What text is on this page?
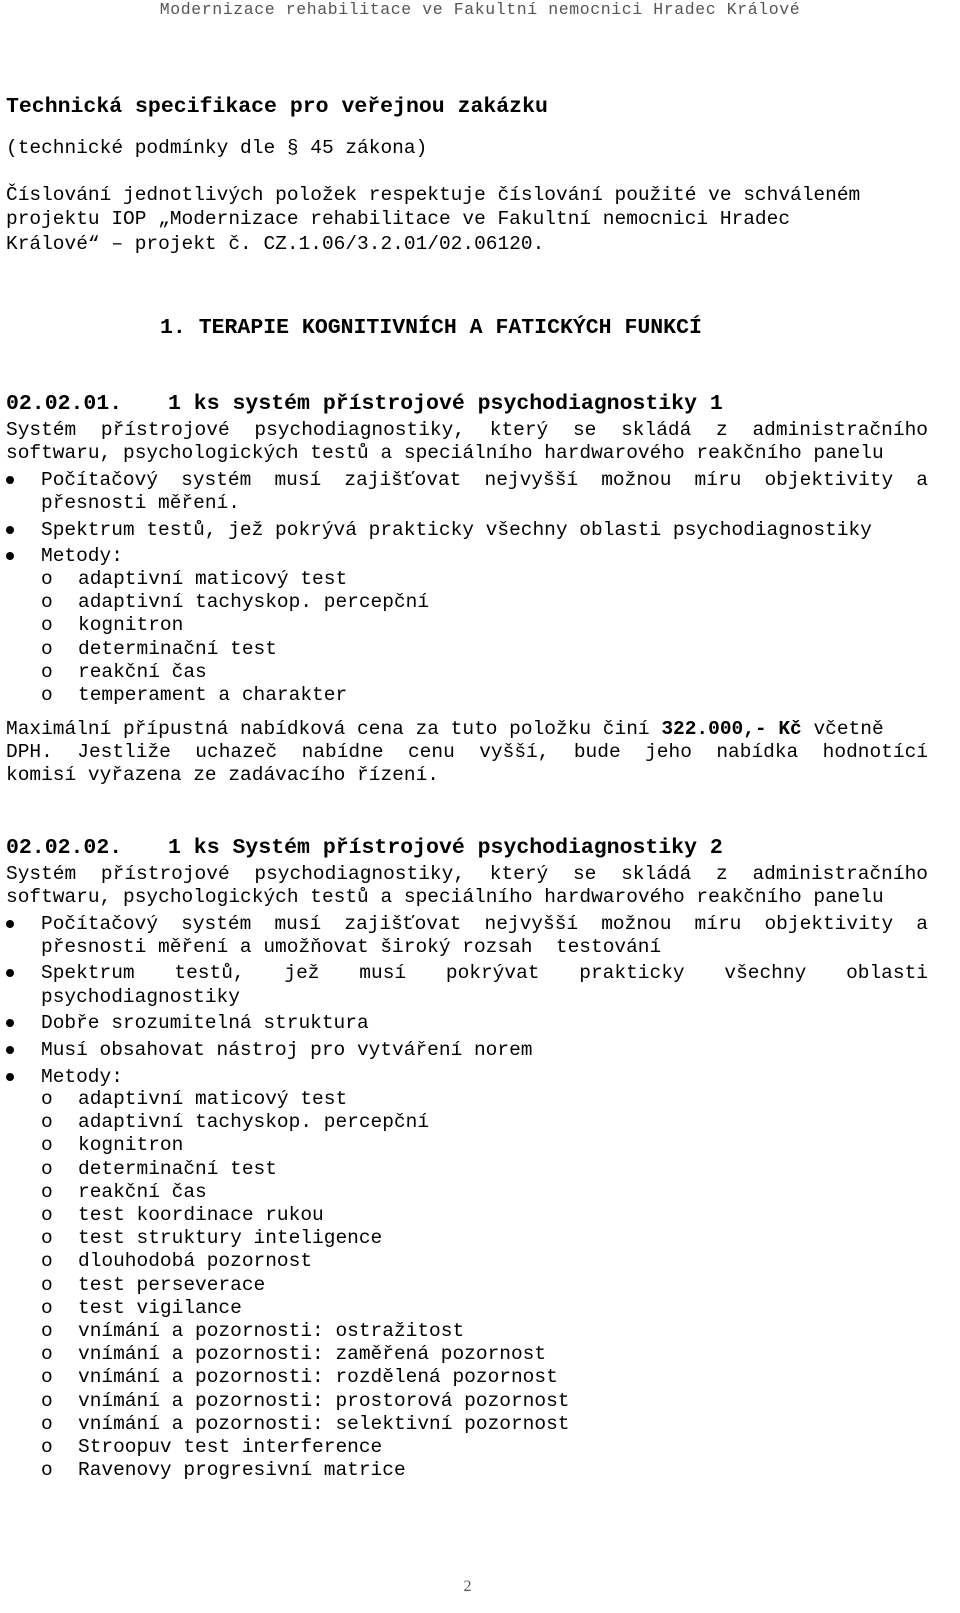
Modernizace rehabilitace ve Fakultní nemocnici Hradec Králové
Technická specifikace pro veřejnou zakázku
(technické podmínky dle § 45 zákona)
Číslování jednotlivých položek respektuje číslování použité ve schváleném
projektu IOP „Modernizace rehabilitace ve Fakultní nemocnici Hradec
Králové“ – projekt č. CZ.1.06/3.2.01/02.06120.
1. TERAPIE KOGNITIVNÍCH A FATICKÝCH FUNKCÍ
02.02.01. 1 ks systém přístrojové psychodiagnostiky 1
Systém přístrojové psychodiagnostiky, který se skládá z administračního
softwaru, psychologických testů a speciálního hardwarového reakčního panelu
Počítačový systém musí zajišťovat nejvyšší možnou míru objektivity a
přesnosti měření.
Spektrum testů, jež pokrývá prakticky všechny oblasti psychodiagnostiky
Metody:
o adaptivní maticový test
o adaptivní tachyskop. percepční
o kognitron
o determinační test
o reakční čas
o temperament a charakter
Maximální přípustná nabídková cena za tuto položku činí 322.000,- Kč včetně
DPH. Jestliže uchazeč nabídne cenu vyšší, bude jeho nabídka hodnotící
komisí vyřazena ze zadávacího řízení.
02.02.02. 1 ks Systém přístrojové psychodiagnostiky 2
Systém přístrojové psychodiagnostiky, který se skládá z administračního
softwaru, psychologických testů a speciálního hardwarového reakčního panelu
Počítačový systém musí zajišťovat nejvyšší možnou míru objektivity a
přesnosti měření a umožňovat široký rozsah  testování
Spektrum testů, jež musí pokrývat prakticky všechny oblasti
psychodiagnostiky
Dobře srozumitelná struktura
Musí obsahovat nástroj pro vytváření norem
Metody:
o adaptivní maticový test
o adaptivní tachyskop. percepční
o kognitron
o determinační test
o reakční čas
o test koordinace rukou
o test struktury inteligence
o dlouhodobá pozornost
o test perseverace
o test vigilance
o vnímání a pozornosti: ostražitost
o vnímání a pozornosti: zaměřená pozornost
o vnímání a pozornosti: rozdělená pozornost
o vnímání a pozornosti: prostorová pozornost
o vnímání a pozornosti: selektivní pozornost
o Stroopuv test interference
o Ravenovy progresivní matrice
2
